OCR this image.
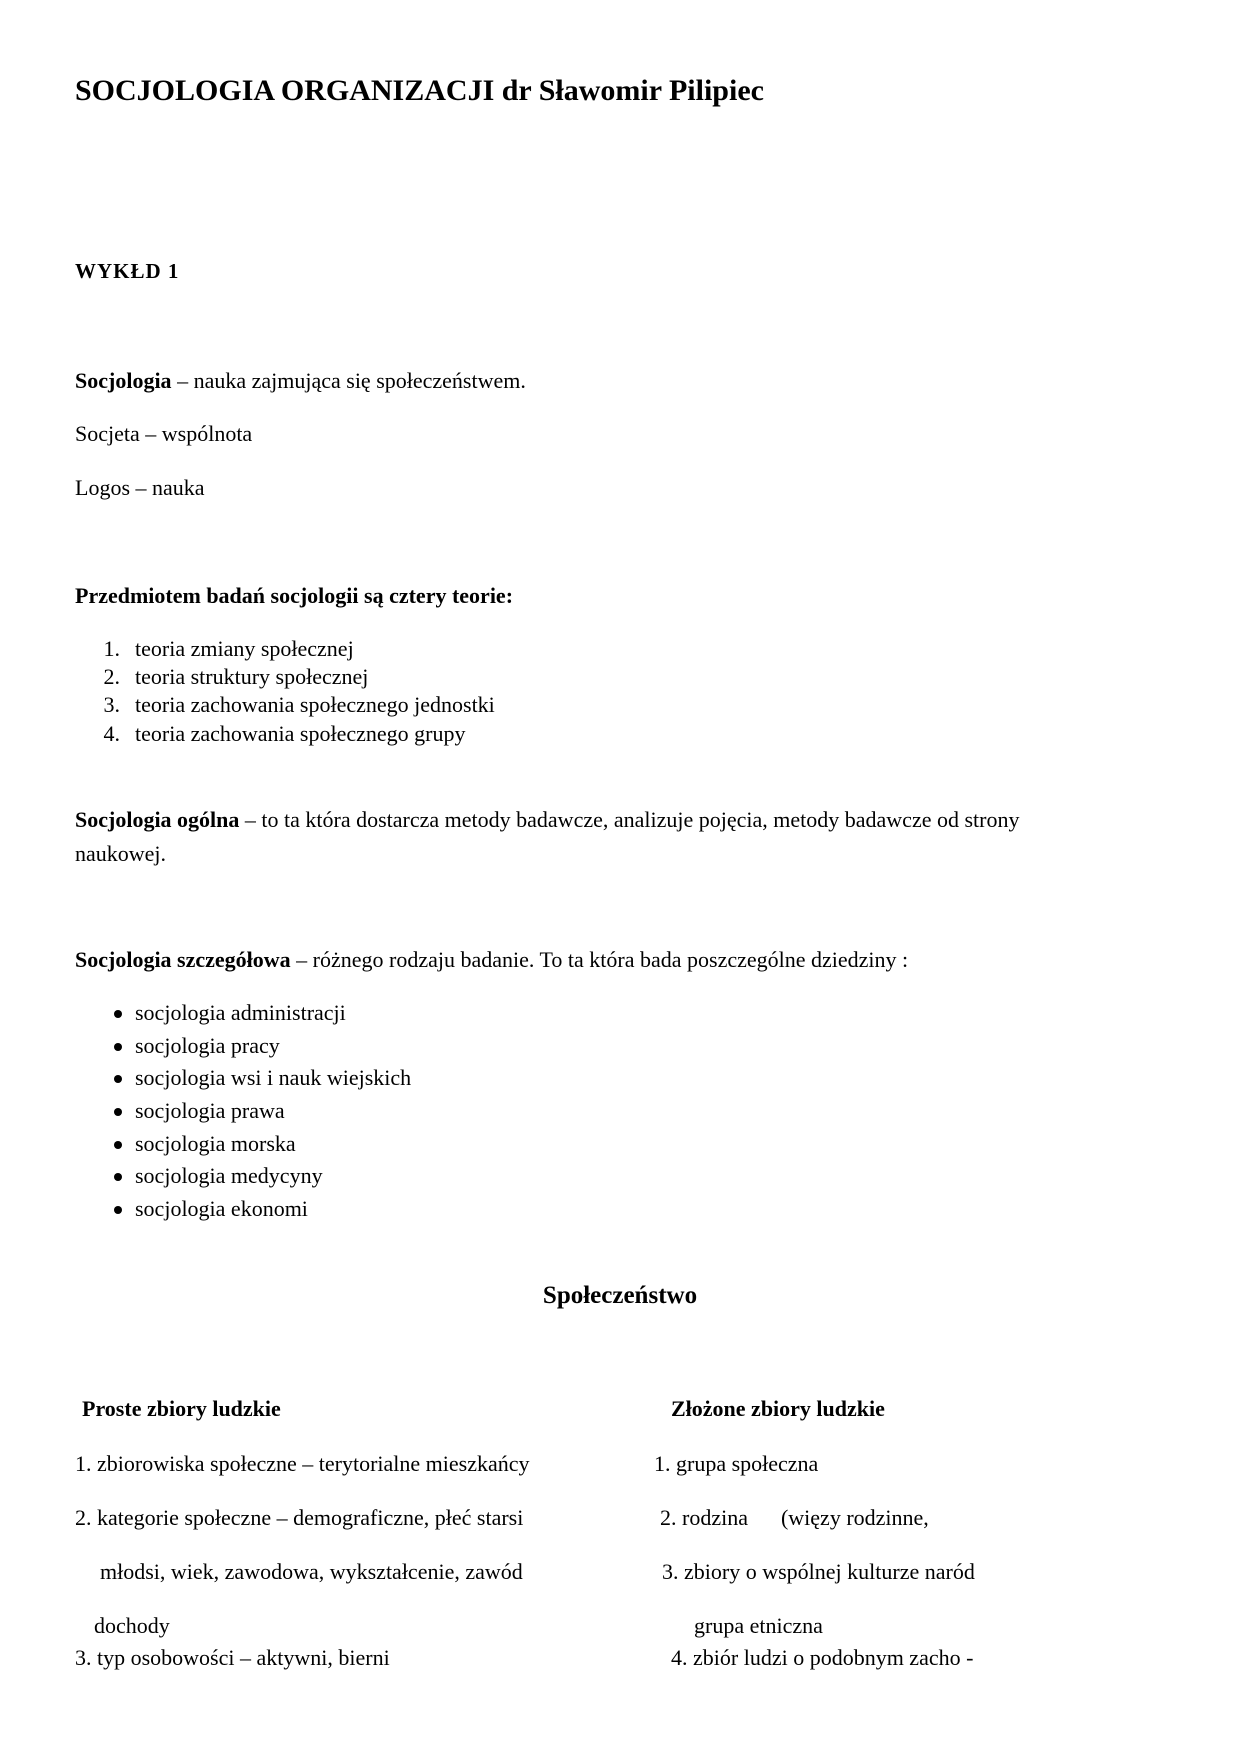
SOCJOLOGIA ORGANIZACJI dr Sławomir Pilipiec
WYKŁD 1
Socjologia – nauka zajmująca się społeczeństwem.
Socjeta – wspólnota
Logos – nauka
Przedmiotem badań socjologii są cztery teorie:
1. teoria zmiany społecznej
2. teoria struktury społecznej
3. teoria zachowania społecznego jednostki
4. teoria zachowania społecznego grupy
Socjologia ogólna – to ta która dostarcza metody badawcze, analizuje pojęcia, metody badawcze od strony
naukowej.
Socjologia szczegółowa – różnego rodzaju badanie. To ta która bada poszczególne dziedziny :
socjologia administracji
socjologia pracy
socjologia wsi i nauk wiejskich
socjologia prawa
socjologia morska
socjologia medycyny
socjologia ekonomi
Społeczeństwo
Proste zbiory ludzkie
1. zbiorowiska społeczne – terytorialne mieszkańcy
2. kategorie społeczne – demograficzne, płeć starsi
młodsi, wiek, zawodowa, wykształcenie, zawód
dochody
3. typ osobowości – aktywni, bierni
Złożone zbiory ludzkie
1. grupa społeczna
2. rodzina      (więzy rodzinne,
3. zbiory o wspólnej kulturze naród
grupa etniczna
4. zbiór ludzi o podobnym zacho -
